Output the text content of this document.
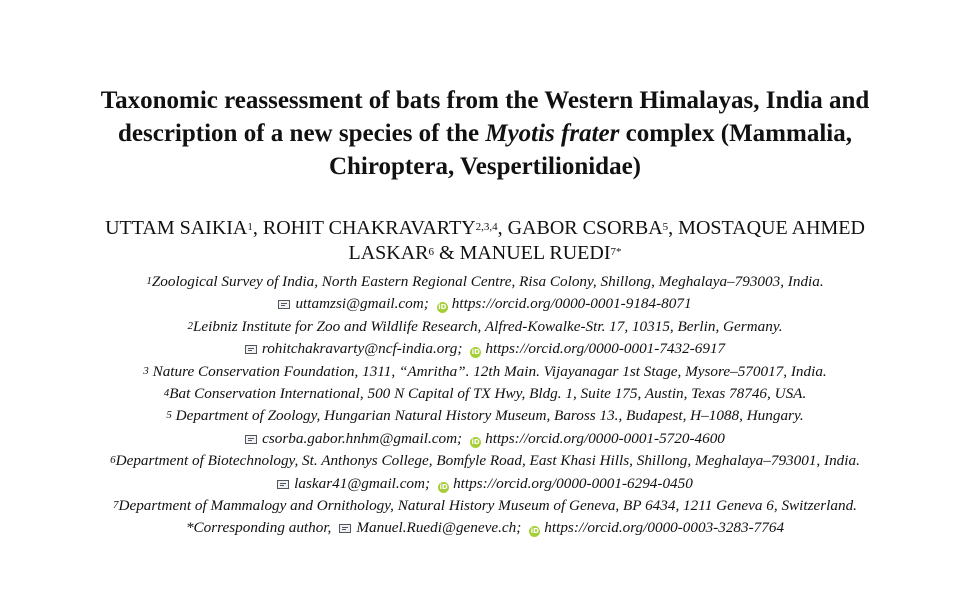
Taxonomic reassessment of bats from the Western Himalayas, India and
description of a new species of the Myotis frater complex (Mammalia,
Chiroptera, Vespertilionidae)
UTTAM SAIKIA$^1$, ROHIT CHAKRAVARTY$^{2,3,4}$, GABOR CSORBA$^5$, MOSTAQUE AHMED
LASKAR$^6$ & MANUEL $RUEDI^{7*}$
$^1$Zoological Survey of India, North Eastern Regional Centre, Risa Colony, Shillong, Meghalaya–793003, India.
uttamzsi@gmail.com; iD https://orcid.org/0000-0001-9184-8071
$^2$Leibniz Institute for Zoo and Wildlife Research, Alfred-Kowalke-Str. 17, 10315, Berlin, Germany.
rohitchakravarty@ncf-india.org; iD https://orcid.org/0000-0001-7432-6917
$^3$ Nature Conservation Foundation, 1311, “Amritha”. 12th Main. Vijayanagar 1st Stage, Mysore–570017, India.
$^4$Bat Conservation International, 500 N Capital of TX Hwy, Bldg. 1, Suite 175, Austin, Texas 78746, USA.
$^5$ Department of Zoology, Hungarian Natural History Museum, Baross 13., Budapest, H–1088, Hungary.
csorba.gabor.hnhm@gmail.com; iD https://orcid.org/0000-0001-5720-4600
$^6$Department of Biotechnology, St. Anthonys College, Bomfyle Road, East Khasi Hills, Shillong, Meghalaya–793001, India.
laskar41@gmail.com; iD https://orcid.org/0000-0001-6294-0450
$^7$Department of Mammalogy and Ornithology, Natural History Museum of Geneva, BP 6434, 1211 Geneva 6, Switzerland.
*Corresponding author, Manuel.Ruedi@geneve.ch; iD https://orcid.org/0000-0003-3283-7764
